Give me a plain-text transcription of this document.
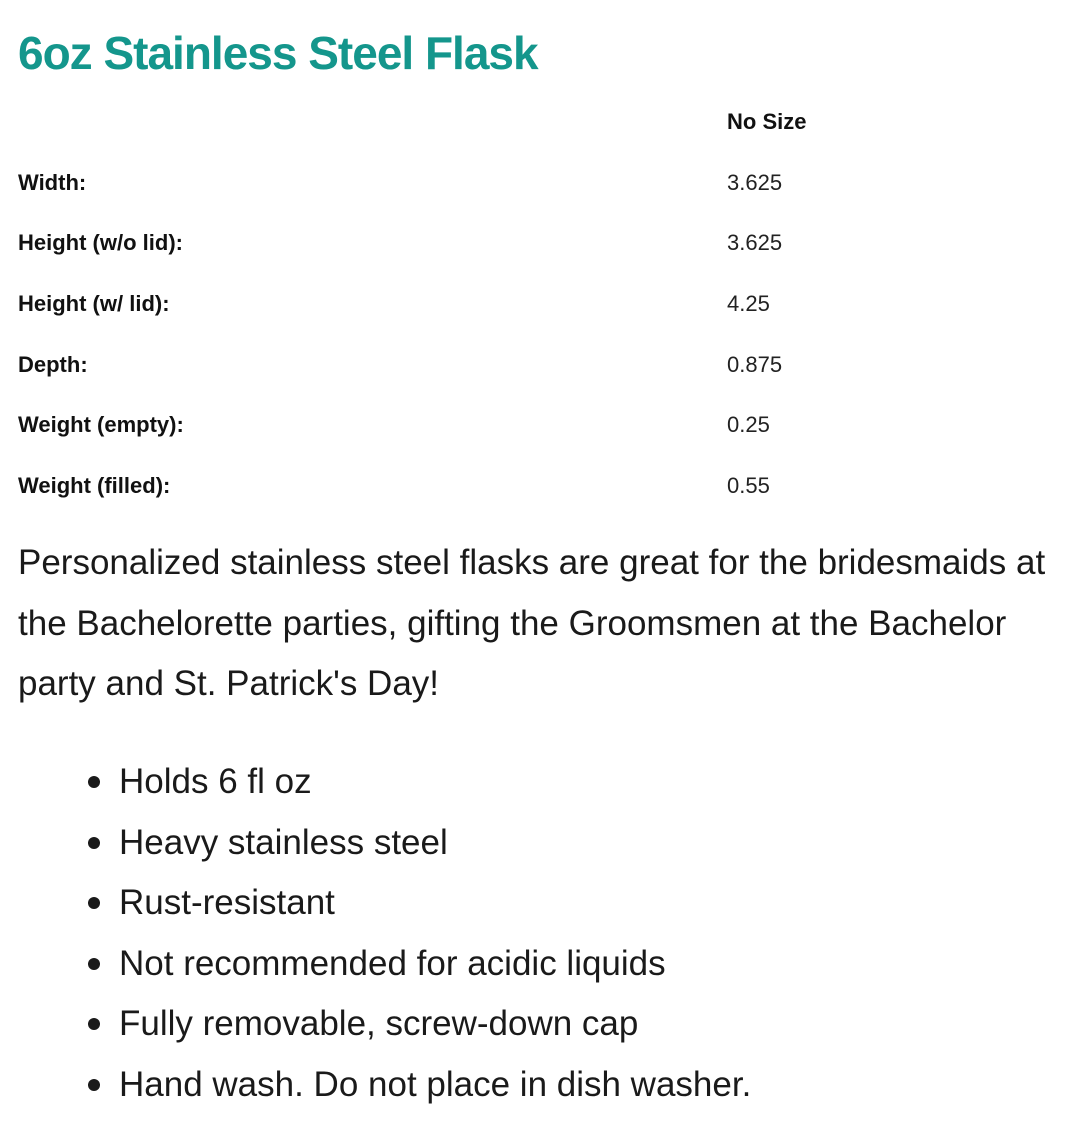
6oz Stainless Steel Flask
No Size
Width:	3.625
Height (w/o lid):	3.625
Height (w/ lid):	4.25
Depth:	0.875
Weight (empty):	0.25
Weight (filled):	0.55

Personalized stainless steel flasks are great for the bridesmaids at the Bachelorette parties, gifting the Groomsmen at the Bachelor party and St. Patrick's Day!

Holds 6 fl oz
Heavy stainless steel
Rust-resistant
Not recommended for acidic liquids
Fully removable, screw-down cap
Hand wash. Do not place in dish washer.
